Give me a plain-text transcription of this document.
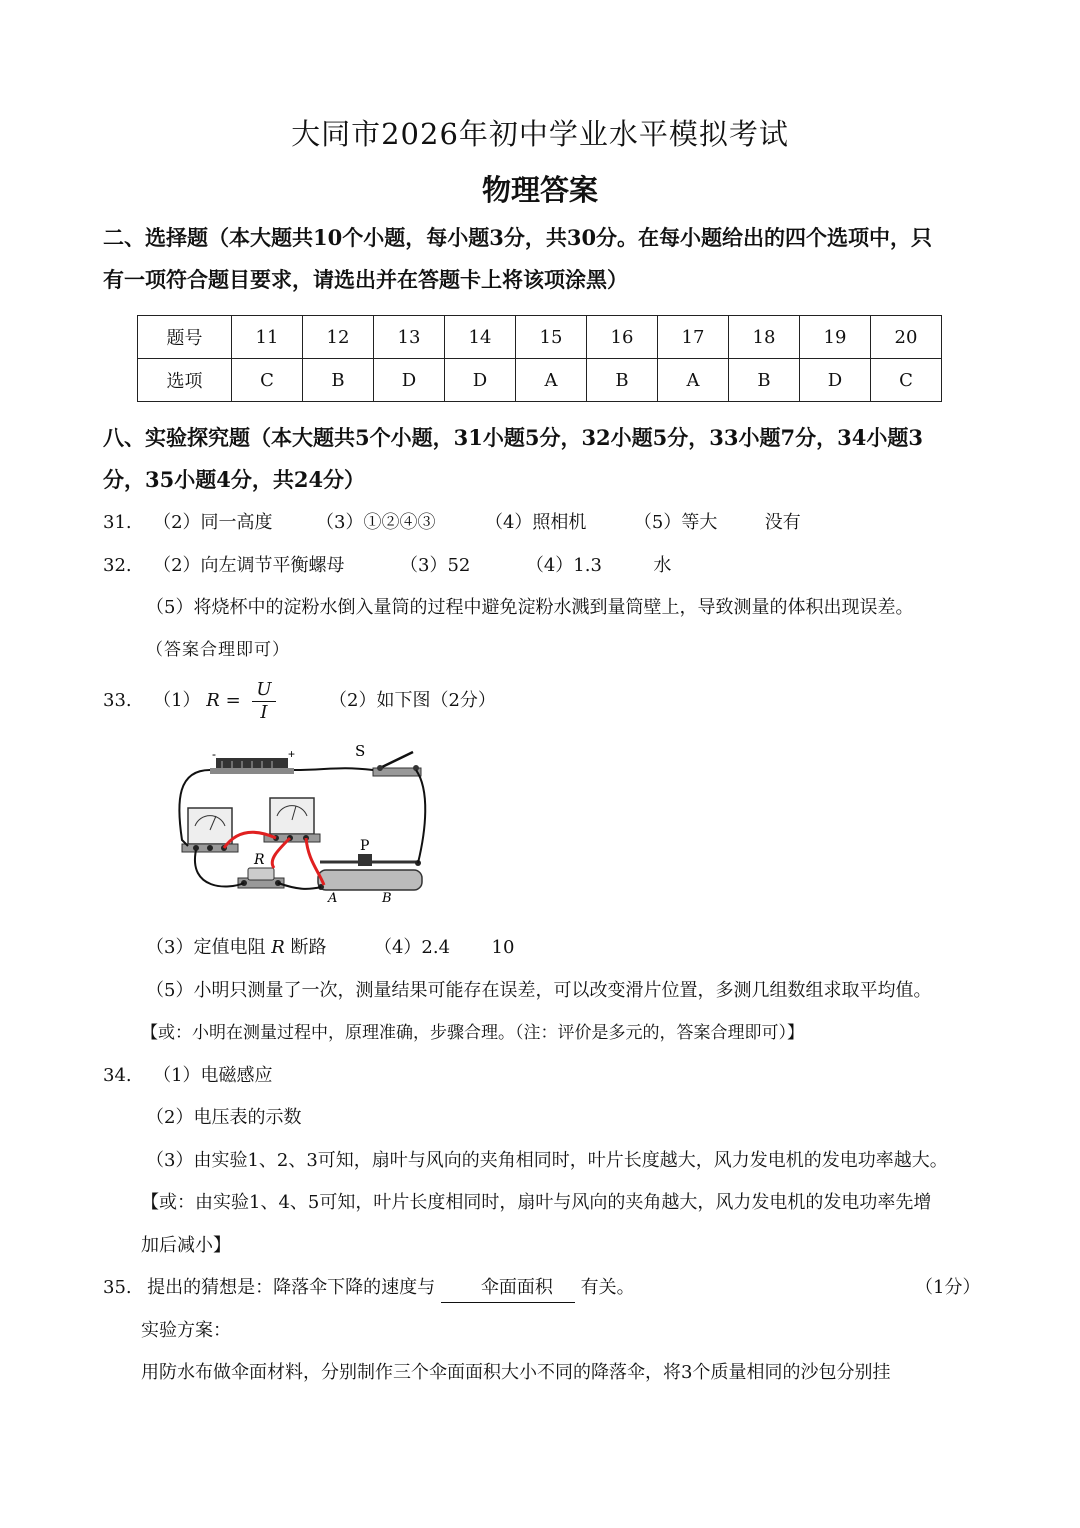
大同市2026年初中学业水平模拟考试
物理答案
二、选择题（本大题共10个小题，每小题3分，共30分。在每小题给出的四个选项中，只
有一项符合题目要求，请选出并在答题卡上将该项涂黑）
题号	11	12	13	14	15	16	17	18	19	20
选项	C	B	D	D	A	B	A	B	D	C
八、实验探究题（本大题共5个小题，31小题5分，32小题5分，33小题7分，34小题3
分，35小题4分，共24分）
31. （2）同一高度 （3）①②④③	（4）照相机	（5）等大	没有
32. （2）向左调节平衡螺母	（3）52	（4）1.3	水
（5）将烧杯中的淀粉水倒入量筒的过程中避免淀粉水溅到量筒壁上，导致测量的体积出现误差。
（答案合理即可）
33. （1） $R = \frac{U}{I}$	（2）如下图（2分）
-	+	S
R
P
A	B
（3）定值电阻 R 断路	（4）2.4 10
（5）小明只测量了一次，测量结果可能存在误差，可以改变滑片位置，多测几组数组求取平均值。
【或：小明在测量过程中，原理准确，步骤合理。（注：评价是多元的，答案合理即可）】
34. （1）电磁感应
（2）电压表的示数
（3）由实验1、2、3可知，扇叶与风向的夹角相同时，叶片长度越大，风力发电机的发电功率越大。
【或：由实验1、4、5可知，叶片长度相同时，扇叶与风向的夹角越大，风力发电机的发电功率先增
加后减小】
35. 提出的猜想是：降落伞下降的速度与	伞面面积 有关。	（1分）
实验方案：
用防水布做伞面材料，分别制作三个伞面面积大小不同的降落伞，将3个质量相同的沙包分别挂
